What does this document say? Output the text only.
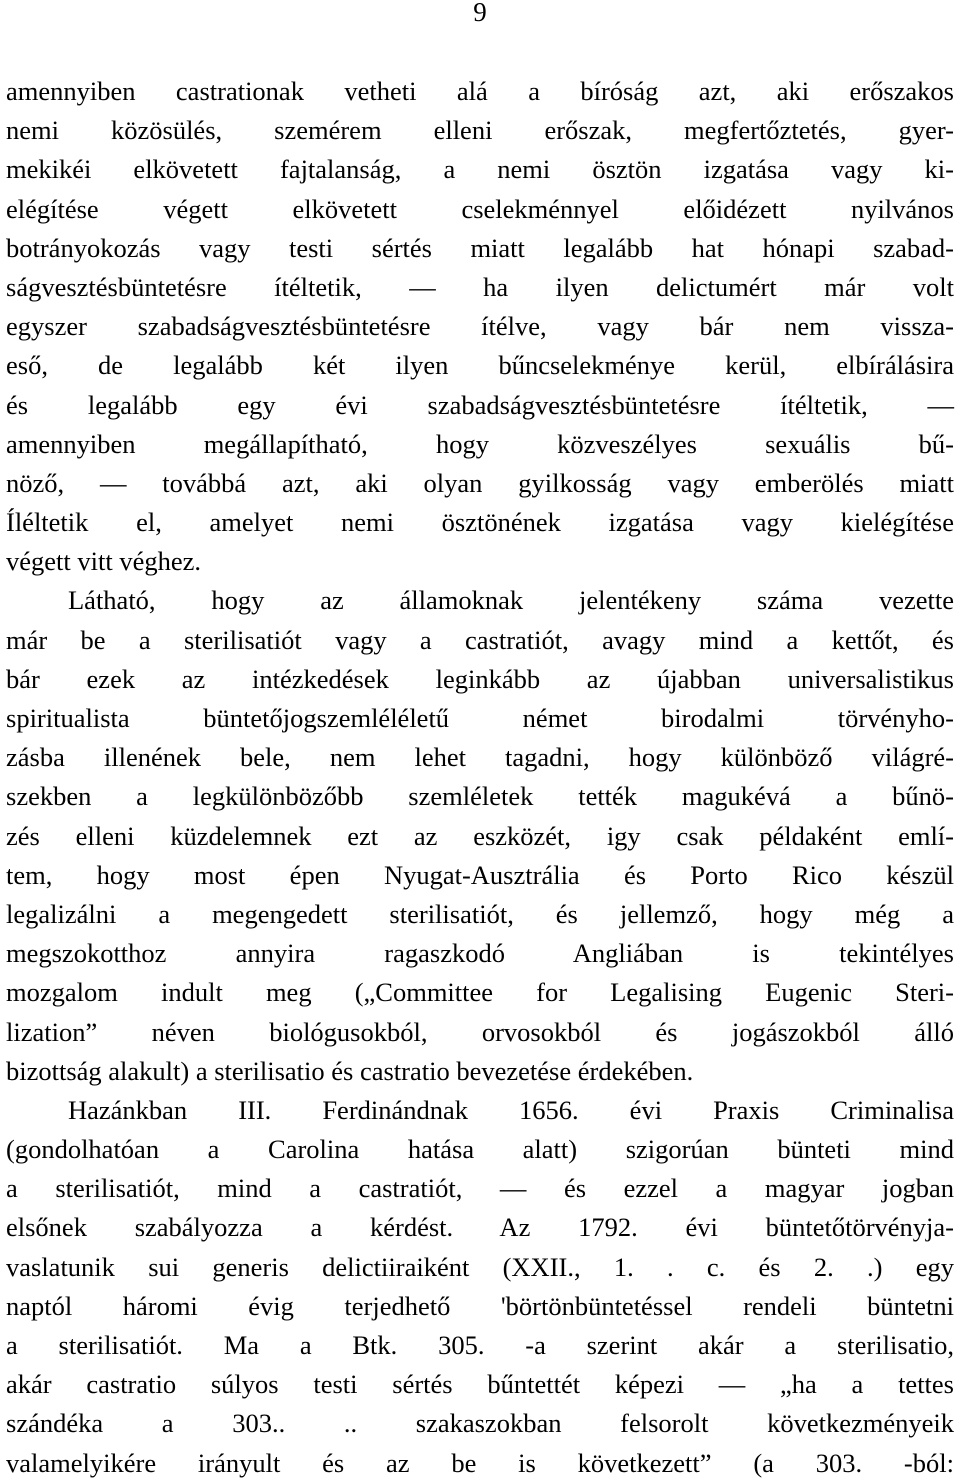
9
amennyiben castrationak vetheti alá a bíróság azt, aki erőszakos
nemi közösülés, szemérem elleni erőszak, megfertőztetés, gyer-
mekikéi elkövetett fajtalanság, a nemi ösztön izgatása vagy ki-
elégítése végett elkövetett cselekménnyel előidézett nyilvános
botrányokozás vagy testi sértés miatt legalább hat hónapi szabad-
ságvesztésbüntetésre ítéltetik, — ha ilyen delictumért már volt
egyszer szabadságvesztésbüntetésre ítélve, vagy bár nem vissza-
eső, de legalább két ilyen bűncselekménye kerül, elbírálásira
és legalább egy évi szabadságvesztésbüntetésre ítéltetik, —
amennyiben megállapítható, hogy közveszélyes sexuális bű-
nöző, — továbbá azt, aki olyan gyilkosság vagy emberölés miatt
Íléltetik el, amelyet nemi ösztönének izgatása vagy kielégítése
végett vitt véghez.
Látható, hogy az államoknak jelentékeny száma vezette
már be a sterilisatiót vagy a castratiót, avagy mind a kettőt, és
bár ezek az intézkedések leginkább az újabban universalistikus
spiritualista büntetőjogszemléléletű német birodalmi törvényho-
zásba illenének bele, nem lehet tagadni, hogy különböző világré-
szekben a legkülönbözőbb szemléletek tették magukévá a bűnö-
zés elleni küzdelemnek ezt az eszközét, igy csak példaként emlí-
tem, hogy most épen Nyugat-Ausztrália és Porto Rico készül
legalizálni a megengedett sterilisatiót, és jellemző, hogy még a
megszokotthoz annyira ragaszkodó Angliában is tekintélyes
mozgalom indult meg („Committee for Legalising Eugenic Steri-
lization” néven biológusokból, orvosokból és jogászokból álló
bizottság alakult) a sterilisatio és castratio bevezetése érdekében.
Hazánkban III. Ferdinándnak 1656. évi Praxis Criminalisa
(gondolhatóan a Carolina hatása alatt) szigorúan bünteti mind
a sterilisatiót, mind a castratiót, — és ezzel a magyar jogban
elsőnek szabályozza a kérdést. Az 1792. évi büntetőtörvényja-
vaslatunik sui generis delictiiraiként (XXII., 1. . c. és 2. .) egy
naptól háromi évig terjedhető 'börtönbüntetéssel rendeli büntetni
a sterilisatiót. Ma a Btk. 305. -a szerint akár a sterilisatio,
akár castratio súlyos testi sértés bűntettét képezi — „ha a tettes
szándéka a 303.. .. szakaszokban felsorolt következményeik
valamelyikére irányult és az be is következett” (a 303. -ból:
